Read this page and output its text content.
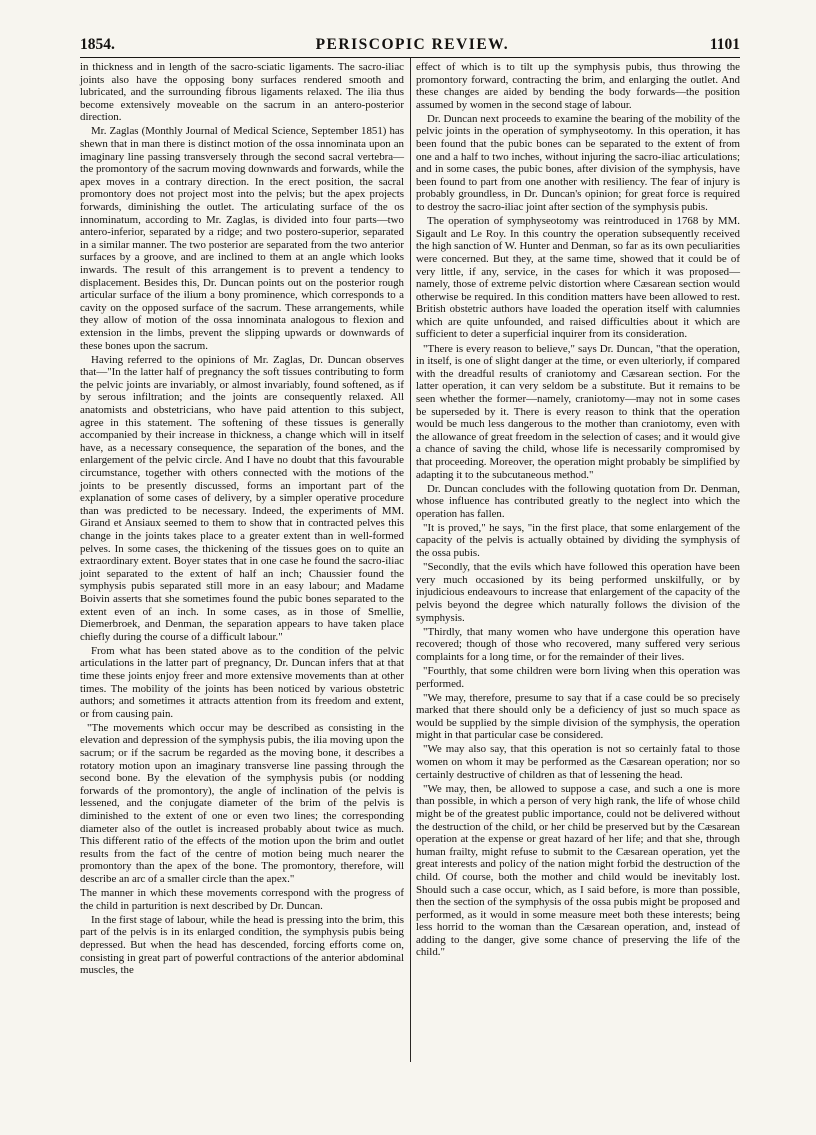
1854.	PERISCOPIC REVIEW.	1101

in thickness and in length of the sacro-sciatic ligaments. The sacro-iliac joints also have the opposing bony surfaces rendered smooth and lubricated, and the surrounding fibrous ligaments relaxed. The ilia thus become extensively moveable on the sacrum in an antero-posterior direction.

Mr. Zaglas (Monthly Journal of Medical Science, September 1851) has shewn that in man there is distinct motion of the ossa innominata upon an imaginary line passing transversely through the second sacral vertebra—the promontory of the sacrum moving downwards and forwards, while the apex moves in a contrary direction. In the erect position, the sacral promontory does not project most into the pelvis; but the apex projects forwards, diminishing the outlet. The articulating surface of the os innominatum, according to Mr. Zaglas, is divided into four parts—two antero-inferior, separated by a ridge; and two postero-superior, separated in a similar manner. The two posterior are separated from the two anterior surfaces by a groove, and are inclined to them at an angle which looks inwards. The result of this arrangement is to prevent a tendency to displacement. Besides this, Dr. Duncan points out on the posterior rough articular surface of the ilium a bony prominence, which corresponds to a cavity on the opposed surface of the sacrum. These arrangements, while they allow of motion of the ossa innominata analogous to flexion and extension in the limbs, prevent the slipping upwards or downwards of these bones upon the sacrum.

Having referred to the opinions of Mr. Zaglas, Dr. Duncan observes that—"In the latter half of pregnancy the soft tissues contributing to form the pelvic joints are invariably, or almost invariably, found softened, as if by serous infiltration; and the joints are consequently relaxed. All anatomists and obstetricians, who have paid attention to this subject, agree in this statement. The softening of these tissues is generally accompanied by their increase in thickness, a change which will in itself have, as a necessary consequence, the separation of the bones, and the enlargement of the pelvic circle. And I have no doubt that this favourable circumstance, together with others connected with the motions of the joints to be presently discussed, forms an important part of the explanation of some cases of delivery, by a simpler operative procedure than was predicted to be necessary. Indeed, the experiments of MM. Girand et Ansiaux seemed to them to show that in contracted pelves this change in the joints takes place to a greater extent than in well-formed pelves. In some cases, the thickening of the tissues goes on to quite an extraordinary extent. Boyer states that in one case he found the sacro-iliac joint separated to the extent of half an inch; Chaussier found the symphysis pubis separated still more in an easy labour; and Madame Boivin asserts that she sometimes found the pubic bones separated to the extent even of an inch. In some cases, as in those of Smellie, Diemerbroek, and Denman, the separation appears to have taken place chiefly during the course of a difficult labour."

From what has been stated above as to the condition of the pelvic articulations in the latter part of pregnancy, Dr. Duncan infers that at that time these joints enjoy freer and more extensive movements than at other times. The mobility of the joints has been noticed by various obstetric authors; and sometimes it attracts attention from its freedom and extent, or from causing pain.

"The movements which occur may be described as consisting in the elevation and depression of the symphysis pubis, the ilia moving upon the sacrum; or if the sacrum be regarded as the moving bone, it describes a rotatory motion upon an imaginary transverse line passing through the second bone. By the elevation of the symphysis pubis (or nodding forwards of the promontory), the angle of inclination of the pelvis is lessened, and the conjugate diameter of the brim of the pelvis is diminished to the extent of one or even two lines; the corresponding diameter also of the outlet is increased probably about twice as much. This different ratio of the effects of the motion upon the brim and outlet results from the fact of the centre of motion being much nearer the promontory than the apex of the bone. The promontory, therefore, will describe an arc of a smaller circle than the apex."

The manner in which these movements correspond with the progress of the child in parturition is next described by Dr. Duncan.

In the first stage of labour, while the head is pressing into the brim, this part of the pelvis is in its enlarged condition, the symphysis pubis being depressed. But when the head has descended, forcing efforts come on, consisting in great part of powerful contractions of the anterior abdominal muscles, the

effect of which is to tilt up the symphysis pubis, thus throwing the promontory forward, contracting the brim, and enlarging the outlet. And these changes are aided by bending the body forwards—the position assumed by women in the second stage of labour.

Dr. Duncan next proceeds to examine the bearing of the mobility of the pelvic joints in the operation of symphyseotomy. In this operation, it has been found that the pubic bones can be separated to the extent of from one and a half to two inches, without injuring the sacro-iliac articulations; and in some cases, the pubic bones, after division of the symphysis, have been found to part from one another with resiliency. The fear of injury is probably groundless, in Dr. Duncan's opinion; for great force is required to destroy the sacro-iliac joint after section of the symphysis pubis.

The operation of symphyseotomy was reintroduced in 1768 by MM. Sigault and Le Roy. In this country the operation subsequently received the high sanction of W. Hunter and Denman, so far as its own peculiarities were concerned. But they, at the same time, showed that it could be of very little, if any, service, in the cases for which it was proposed—namely, those of extreme pelvic distortion where Cæsarean section would otherwise be required. In this condition matters have been allowed to rest. British obstetric authors have loaded the operation itself with calumnies which are quite unfounded, and raised difficulties about it which are sufficient to deter a superficial inquirer from its consideration.

"There is every reason to believe," says Dr. Duncan, "that the operation, in itself, is one of slight danger at the time, or even ulteriorly, if compared with the dreadful results of craniotomy and Cæsarean section. For the latter operation, it can very seldom be a substitute. But it remains to be seen whether the former—namely, craniotomy—may not in some cases be superseded by it. There is every reason to think that the operation would be much less dangerous to the mother than craniotomy, even with the allowance of great freedom in the selection of cases; and it would give a chance of saving the child, whose life is necessarily compromised by that proceeding. Moreover, the operation might probably be simplified by adapting it to the subcutaneous method."

Dr. Duncan concludes with the following quotation from Dr. Denman, whose influence has contributed greatly to the neglect into which the operation has fallen.

"It is proved," he says, "in the first place, that some enlargement of the capacity of the pelvis is actually obtained by dividing the symphysis of the ossa pubis.

"Secondly, that the evils which have followed this operation have been very much occasioned by its being performed unskilfully, or by injudicious endeavours to increase that enlargement of the capacity of the pelvis beyond the degree which naturally follows the division of the symphysis.

"Thirdly, that many women who have undergone this operation have recovered; though of those who recovered, many suffered very serious complaints for a long time, or for the remainder of their lives.

"Fourthly, that some children were born living when this operation was performed.

"We may, therefore, presume to say that if a case could be so precisely marked that there should only be a deficiency of just so much space as would be supplied by the simple division of the symphysis, the operation might in that particular case be considered.

"We may also say, that this operation is not so certainly fatal to those women on whom it may be performed as the Cæsarean operation; nor so certainly destructive of children as that of lessening the head.

"We may, then, be allowed to suppose a case, and such a one is more than possible, in which a person of very high rank, the life of whose child might be of the greatest public importance, could not be delivered without the destruction of the child, or her child be preserved but by the Cæsarean operation at the expense or great hazard of her life; and that she, through human frailty, might refuse to submit to the Cæsarean operation, yet the great interests and policy of the nation might forbid the destruction of the child. Of course, both the mother and child would be inevitably lost. Should such a case occur, which, as I said before, is more than possible, then the section of the symphysis of the ossa pubis might be proposed and performed, as it would in some measure meet both these interests; being less horrid to the woman than the Cæsarean operation, and, instead of adding to the danger, give some chance of preserving the life of the child."
